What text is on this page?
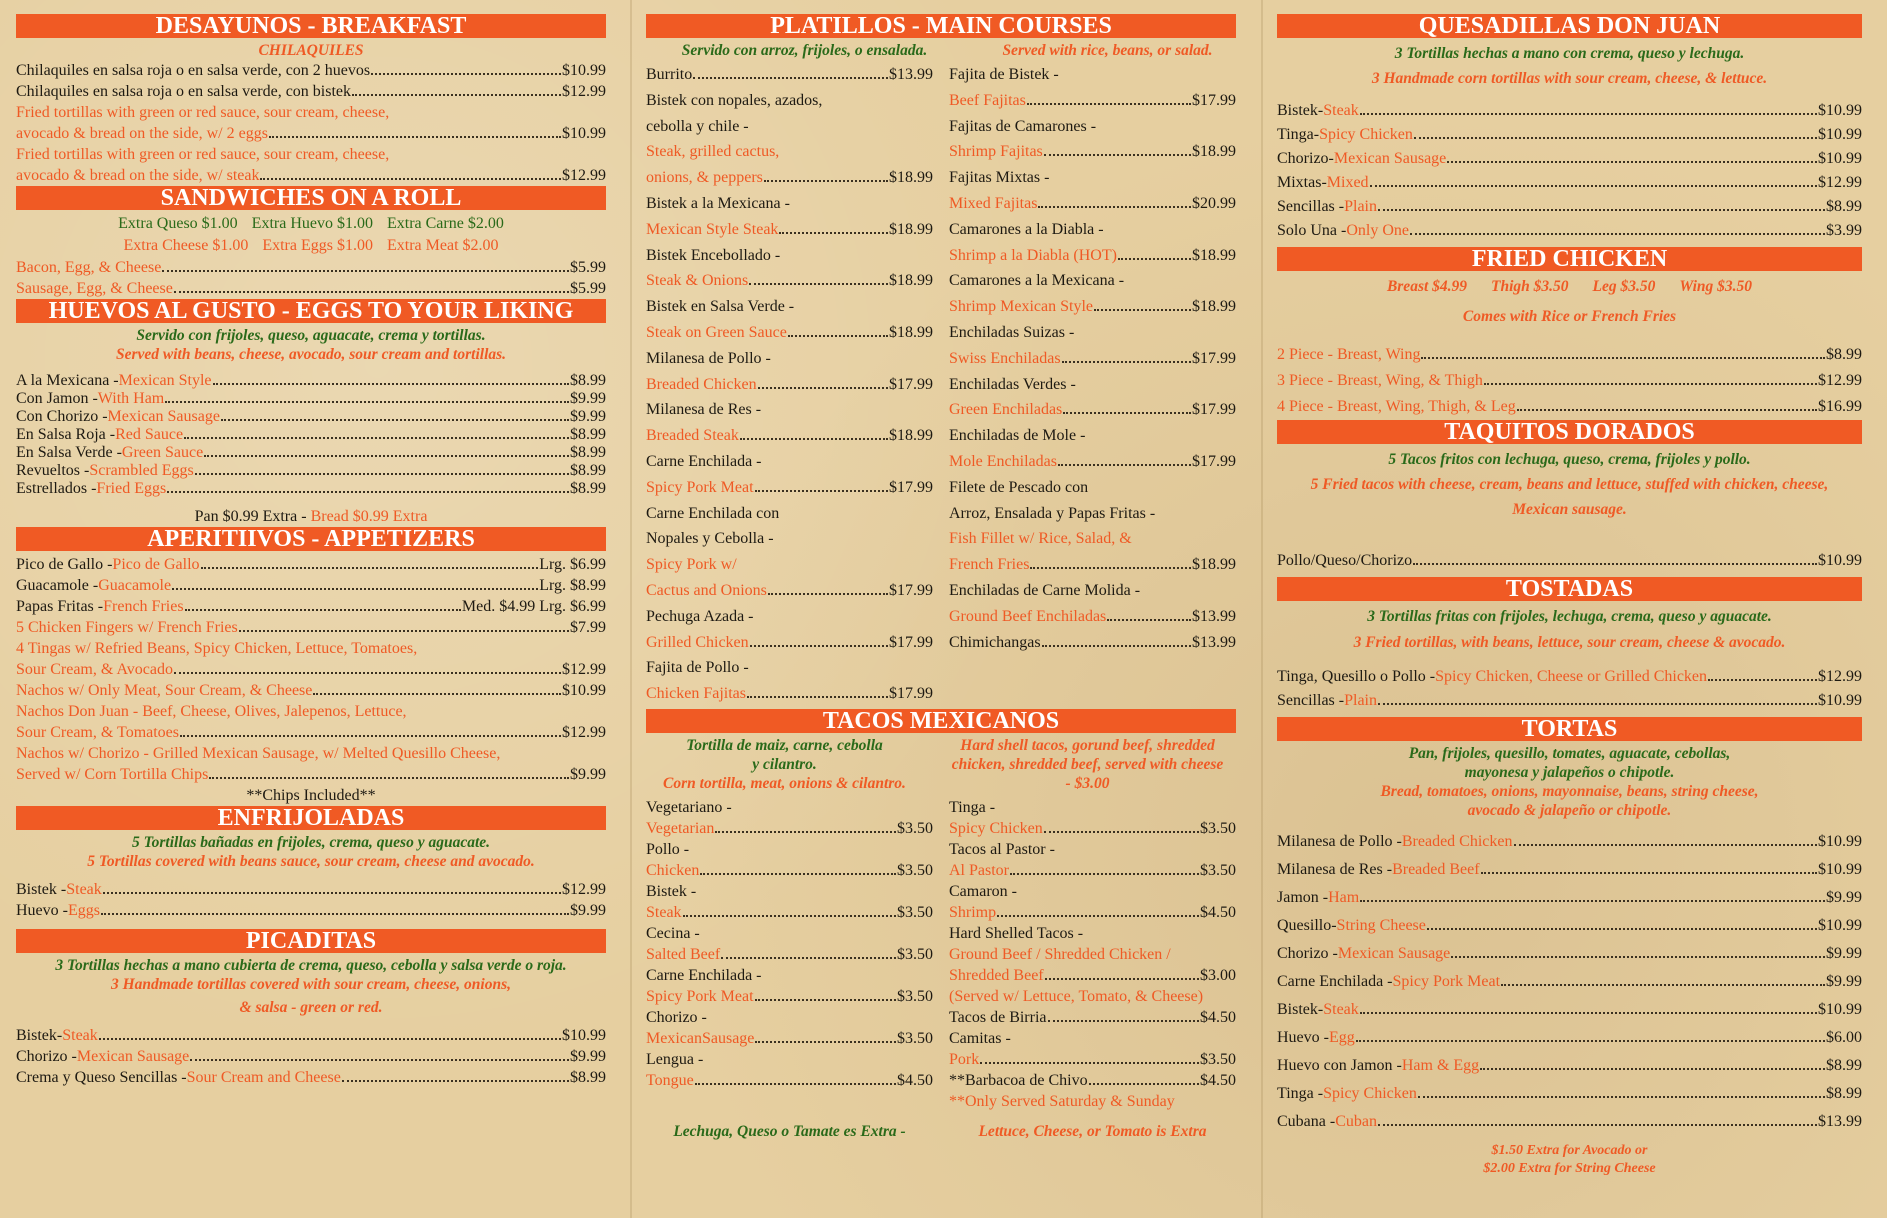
DESAYUNOS - BREAKFAST
CHILAQUILES
Chilaquiles en salsa roja o en salsa verde, con 2 huevos	$10.99
Chilaquiles en salsa roja o en salsa verde, con bistek	$12.99
Fried tortillas with green or red sauce, sour cream, cheese,
avocado & bread on the side, w/ 2 eggs	$10.99
Fried tortillas with green or red sauce, sour cream, cheese,
avocado & bread on the side, w/ steak	$12.99
SANDWICHES ON A ROLL
Extra Queso $1.00 Extra Huevo $1.00 Extra Carne $2.00
Extra Cheese $1.00 Extra Eggs $1.00 Extra Meat $2.00
Bacon, Egg, & Cheese	$5.99
Sausage, Egg, & Cheese	$5.99
HUEVOS AL GUSTO - EGGS TO YOUR LIKING
Servido con frijoles, queso, aguacate, crema y tortillas.
Served with beans, cheese, avocado, sour cream and tortillas.
A la Mexicana - Mexican Style	$8.99
Con Jamon - With Ham	$9.99
Con Chorizo - Mexican Sausage	$9.99
En Salsa Roja - Red Sauce	$8.99
En Salsa Verde - Green Sauce	$8.99
Revueltos - Scrambled Eggs	$8.99
Estrellados - Fried Eggs	$8.99
Pan $0.99 Extra - Bread $0.99 Extra
APERITIIVOS - APPETIZERS
Pico de Gallo - Pico de Gallo	Lrg. $6.99
Guacamole - Guacamole	Lrg. $8.99
Papas Fritas - French Fries	Med. $4.99 Lrg. $6.99
5 Chicken Fingers w/ French Fries	$7.99
4 Tingas w/ Refried Beans, Spicy Chicken, Lettuce, Tomatoes,
Sour Cream, & Avocado	$12.99
Nachos w/ Only Meat, Sour Cream, & Cheese	$10.99
Nachos Don Juan - Beef, Cheese, Olives, Jalepenos, Lettuce,
Sour Cream, & Tomatoes	$12.99
Nachos w/ Chorizo - Grilled Mexican Sausage, w/ Melted Quesillo Cheese,
Served w/ Corn Tortilla Chips	$9.99
**Chips Included**
ENFRIJOLADAS
5 Tortillas bañadas en frijoles, crema, queso y aguacate.
5 Tortillas covered with beans sauce, sour cream, cheese and avocado.
Bistek - Steak	$12.99
Huevo - Eggs	$9.99
PICADITAS
3 Tortillas hechas a mano cubierta de crema, queso, cebolla y salsa verde o roja.
3 Handmade tortillas covered with sour cream, cheese, onions,
& salsa - green or red.
Bistek- Steak	$10.99
Chorizo - Mexican Sausage	$9.99
Crema y Queso Sencillas - Sour Cream and Cheese	$8.99
PLATILLOS - MAIN COURSES
Servido con arroz, frijoles, o ensalada.	Served with rice, beans, or salad.
Burrito	$13.99
Bistek con nopales, azados,
cebolla y chile -
Steak, grilled cactus,
onions, & peppers	$18.99
Bistek a la Mexicana -
Mexican Style Steak	$18.99
Bistek Encebollado -
Steak & Onions	$18.99
Bistek en Salsa Verde -
Steak on Green Sauce	$18.99
Milanesa de Pollo -
Breaded Chicken	$17.99
Milanesa de Res -
Breaded Steak	$18.99
Carne Enchilada -
Spicy Pork Meat	$17.99
Carne Enchilada con
Nopales y Cebolla -
Spicy Pork w/
Cactus and Onions	$17.99
Pechuga Azada -
Grilled Chicken	$17.99
Fajita de Pollo -
Chicken Fajitas	$17.99
Fajita de Bistek -
Beef Fajitas	$17.99
Fajitas de Camarones -
Shrimp Fajitas	$18.99
Fajitas Mixtas -
Mixed Fajitas	$20.99
Camarones a la Diabla -
Shrimp a la Diabla (HOT)	$18.99
Camarones a la Mexicana -
Shrimp Mexican Style	$18.99
Enchiladas Suizas -
Swiss Enchiladas	$17.99
Enchiladas Verdes -
Green Enchiladas	$17.99
Enchiladas de Mole -
Mole Enchiladas	$17.99
Filete de Pescado con
Arroz, Ensalada y Papas Fritas -
Fish Fillet w/ Rice, Salad, &
French Fries	$18.99
Enchiladas de Carne Molida -
Ground Beef Enchiladas	$13.99
Chimichangas	$13.99
TACOS MEXICANOS
Tortilla de maiz, carne, cebolla y cilantro.
Corn tortilla, meat, onions & cilantro.
Hard shell tacos, gorund beef, shredded chicken, shredded beef, served with cheese - $3.00
Vegetariano -
Vegetarian	$3.50
Pollo -
Chicken	$3.50
Bistek -
Steak	$3.50
Cecina -
Salted Beef	$3.50
Carne Enchilada -
Spicy Pork Meat	$3.50
Chorizo -
MexicanSausage	$3.50
Lengua -
Tongue	$4.50
Tinga -
Spicy Chicken	$3.50
Tacos al Pastor -
Al Pastor	$3.50
Camaron -
Shrimp	$4.50
Hard Shelled Tacos -
Ground Beef / Shredded Chicken /
Shredded Beef	$3.00
(Served w/ Lettuce, Tomato, & Cheese)
Tacos de Birria	$4.50
Camitas -
Pork	$3.50
**Barbacoa de Chivo	$4.50
**Only Served Saturday & Sunday
Lechuga, Queso o Tamate es Extra -	Lettuce, Cheese, or Tomato is Extra
QUESADILLAS DON JUAN
3 Tortillas hechas a mano con crema, queso y lechuga.
3 Handmade corn tortillas with sour cream, cheese, & lettuce.
Bistek- Steak	$10.99
Tinga- Spicy Chicken	$10.99
Chorizo- Mexican Sausage	$10.99
Mixtas- Mixed	$12.99
Sencillas - Plain	$8.99
Solo Una - Only One	$3.99
FRIED CHICKEN
Breast $4.99 Thigh $3.50 Leg $3.50 Wing $3.50
Comes with Rice or French Fries
2 Piece - Breast, Wing	$8.99
3 Piece - Breast, Wing, & Thigh	$12.99
4 Piece - Breast, Wing, Thigh, & Leg	$16.99
TAQUITOS DORADOS
5 Tacos fritos con lechuga, queso, crema, frijoles y pollo.
5 Fried tacos with cheese, cream, beans and lettuce, stuffed with chicken, cheese,
Mexican sausage.
Pollo/Queso/Chorizo	$10.99
TOSTADAS
3 Tortillas fritas con frijoles, lechuga, crema, queso y aguacate.
3 Fried tortillas, with beans, lettuce, sour cream, cheese & avocado.
Tinga, Quesillo o Pollo - Spicy Chicken, Cheese or Grilled Chicken	$12.99
Sencillas - Plain	$10.99
TORTAS
Pan, frijoles, quesillo, tomates, aguacate, cebollas,
mayonesa y jalapeños o chipotle.
Bread, tomatoes, onions, mayonnaise, beans, string cheese,
avocado & jalapeño or chipotle.
Milanesa de Pollo - Breaded Chicken	$10.99
Milanesa de Res - Breaded Beef	$10.99
Jamon - Ham	$9.99
Quesillo- String Cheese	$10.99
Chorizo - Mexican Sausage	$9.99
Carne Enchilada - Spicy Pork Meat	$9.99
Bistek- Steak	$10.99
Huevo - Egg	$6.00
Huevo con Jamon - Ham & Egg	$8.99
Tinga - Spicy Chicken	$8.99
Cubana - Cuban	$13.99
$1.50 Extra for Avocado or
$2.00 Extra for String Cheese
